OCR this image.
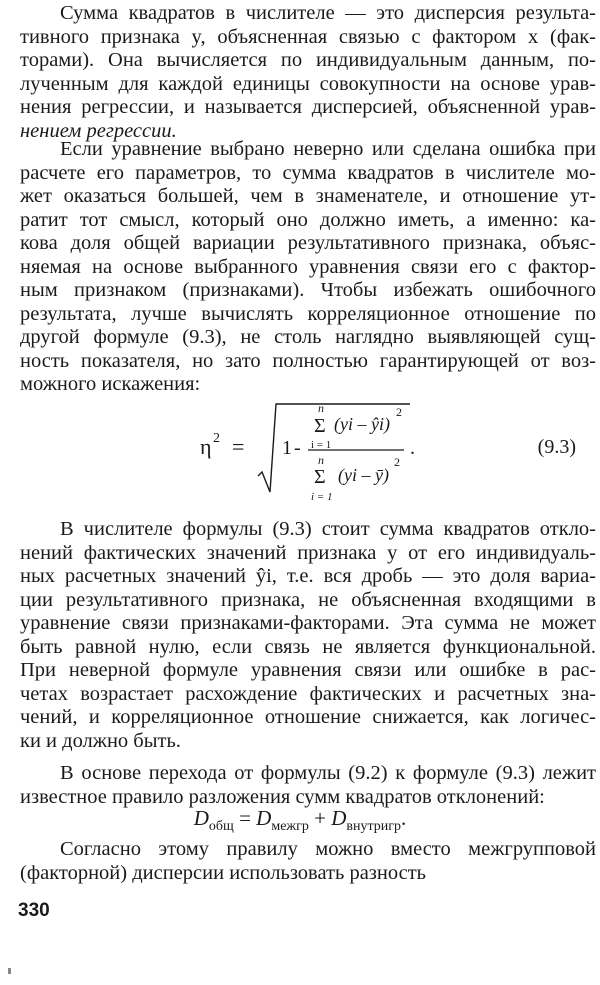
Сумма квадратов в числителе — это дисперсия результа-
тивного признака y, объясненная связью с фактором x (фак-
торами). Она вычисляется по индивидуальным данным, по-
лученным для каждой единицы совокупности на основе урав-
нения регрессии, и называется дисперсией, объясненной урав-
нением регрессии.
Если уравнение выбрано неверно или сделана ошибка при
расчете его параметров, то сумма квадратов в числителе мо-
жет оказаться большей, чем в знаменателе, и отношение ут-
ратит тот смысл, который оно должно иметь, а именно: ка-
кова доля общей вариации результативного признака, объяс-
няемая на основе выбранного уравнения связи его с фактор-
ным признаком (признаками). Чтобы избежать ошибочного
результата, лучше вычислять корреляционное отношение по
другой формуле (9.3), не столь наглядно выявляющей сущ-
ность показателя, но зато полностью гарантирующей от воз-
можного искажения:
η 2 = 1 -
n
Σ (yi – ŷi)
2
i = 1
n
Σ (yi – ȳ)
2
i = 1
.	(9.3)
В числителе формулы (9.3) стоит сумма квадратов откло-
нений фактических значений признака y от его индивидуаль-
ных расчетных значений ŷi, т.е. вся дробь — это доля вариа-
ции результативного признака, не объясненная входящими в
уравнение связи признаками-факторами. Эта сумма не может
быть равной нулю, если связь не является функциональной.
При неверной формуле уравнения связи или ошибке в рас-
четах возрастает расхождение фактических и расчетных зна-
чений, и корреляционное отношение снижается, как логичес-
ки и должно быть.
В основе перехода от формулы (9.2) к формуле (9.3) лежит
известное правило разложения сумм квадратов отклонений:
$D_{общ} = D_{межгр} + D_{внутригр}$.
Согласно этому правилу можно вместо межгрупповой
(факторной) дисперсии использовать разность
330
